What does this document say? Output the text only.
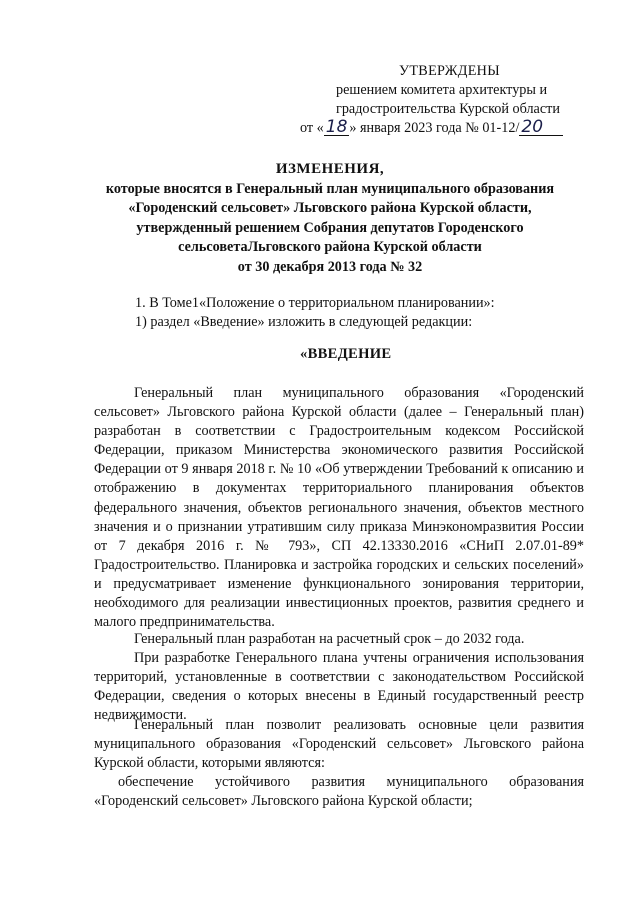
УТВЕРЖДЕНЫ
решением комитета архитектуры и
градостроительства Курской области
от « 18 » января 2023 года № 01-12/ 20
ИЗМЕНЕНИЯ,
которые вносятся в Генеральный план муниципального образования
«Городенский сельсовет» Льговского района Курской области,
утвержденный решением Собрания депутатов Городенского
сельсоветаЛьговского района Курской области
от 30 декабря 2013 года № 32
1. В Томе1«Положение о территориальном планировании»:
1) раздел «Введение» изложить в следующей редакции:
«ВВЕДЕНИЕ
Генеральный план муниципального образования «Городенский сельсовет» Льговского района Курской области (далее – Генеральный план) разработан в соответствии с Градостроительным кодексом Российской Федерации, приказом Министерства экономического развития Российской Федерации от 9 января 2018 г. № 10 «Об утверждении Требований к описанию и отображению в документах территориального планирования объектов федерального значения, объектов регионального значения, объектов местного значения и о признании утратившим силу приказа Минэкономразвития России от 7 декабря 2016 г. № 793», СП 42.13330.2016 «СНиП 2.07.01-89* Градостроительство. Планировка и застройка городских и сельских поселений» и предусматривает изменение функционального зонирования территории, необходимого для реализации инвестиционных проектов, развития среднего и малого предпринимательства.
Генеральный план разработан на расчетный срок – до 2032 года.
При разработке Генерального плана учтены ограничения использования территорий, установленные в соответствии с законодательством Российской Федерации, сведения о которых внесены в Единый государственный реестр недвижимости.
Генеральный план позволит реализовать основные цели развития муниципального образования «Городенский сельсовет» Льговского района Курской области, которыми являются:
обеспечение устойчивого развития муниципального образования «Городенский сельсовет» Льговского района Курской области;
